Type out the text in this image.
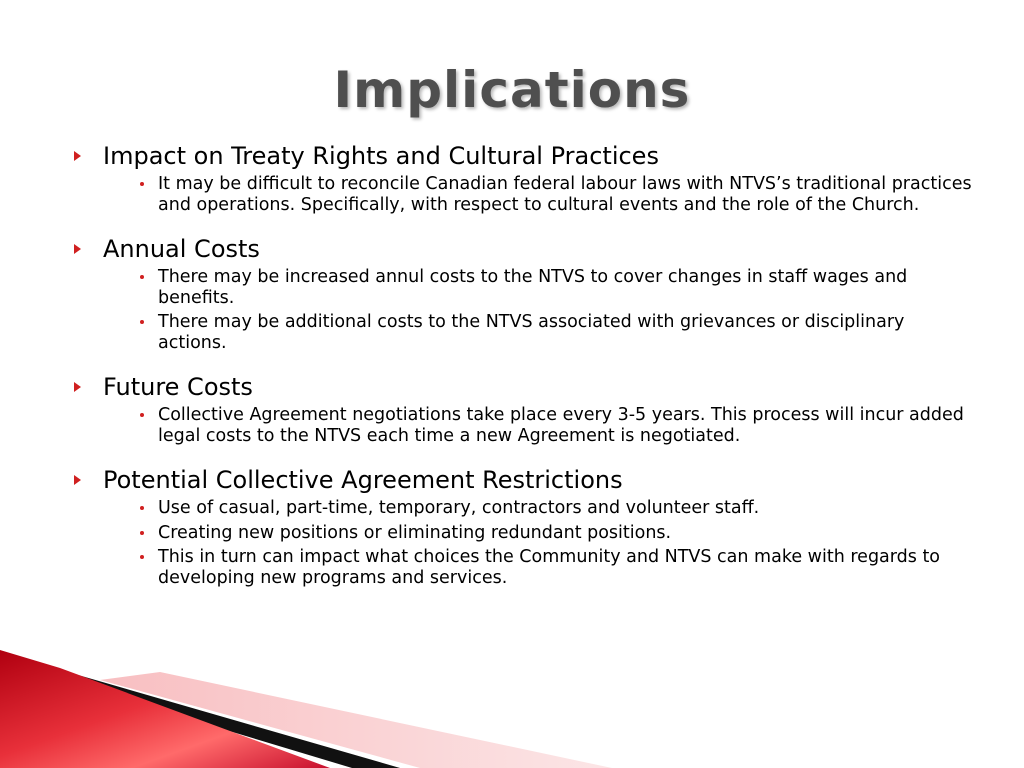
Implications

Impact on Treaty Rights and Cultural Practices

It may be difficult to reconcile Canadian federal labour laws with NTVS’s traditional practices and operations. Specifically, with respect to cultural events and the role of the Church.

Annual Costs

There may be increased annul costs to the NTVS to cover changes in staff wages and benefits.
There may be additional costs to the NTVS associated with grievances or disciplinary actions.

Future Costs

Collective Agreement negotiations take place every 3-5 years. This process will incur added legal costs to the NTVS each time a new Agreement is negotiated.

Potential Collective Agreement Restrictions

Use of casual, part-time, temporary, contractors and volunteer staff.
Creating new positions or eliminating redundant positions.
This in turn can impact what choices the Community and NTVS can make with regards to developing new programs and services.
